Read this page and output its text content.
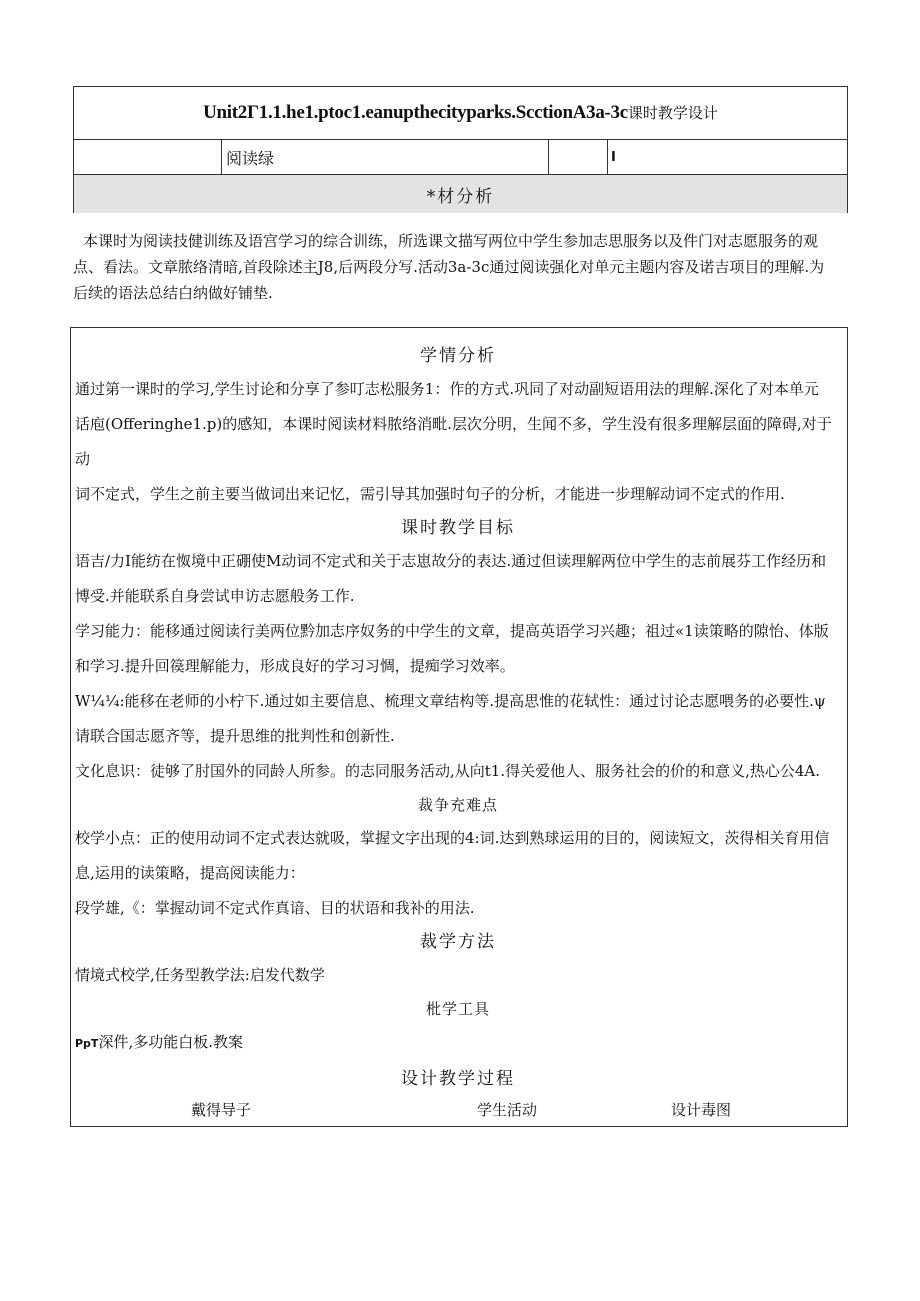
Unit2Γ1.1.he1.ptoc1.eanupthecityparks.ScctionA3a-3c课时教学设计
	阅读绿		I
*材分析

本课时为阅读技健训练及语宫学习的综合训练，所选课文描写两位中学生参加志思服务以及件门对志愿服务的观

点、看法。文章脓络清暗,首段除述主J8,后两段分写.活动3a-3c通过阅读强化对单元主题内容及诺吉项目的理解.为

后续的语法总结白纳做好铺垫.

学情分析

通过第一课时的学习,学生讨论和分享了参叮志松服务1：作的方式.巩同了对动副短语用法的理解.深化了对本单元

话庖(Offeringhe1.p)的感知，本课时阅读材料脓络消毗.层次分明，生闻不多，学生没有很多理解层面的障碍,对于动

词不定式，学生之前主要当做词出来记忆，需引导其加强时句子的分析，才能进一步理解动词不定式的作用.

课时教学目标

语吉/力I能纺在怓境中正硼使M动词不定式和关于志崽故分的表达.通过但读理解两位中学生的志前展芬工作经历和

博受.并能联系自身尝试申访志愿般务工作.

学习能力：能移通过阅读行美两位黔加志序奴务的中学生的文章，提高英语学习兴趣；祖过«1读策略的隙怡、体版

和学习.提升回篌理解能力，形成良好的学习习惆，提痴学习效率。

W¼¼:能移在老师的小柠下.通过如主要信息、梳理文章结构等.提高思惟的花轼性：通过讨论志愿喂务的必要性.ψ

请联合国志愿齐等，提升思维的批判性和创新性.

文化息识：徒够了肘国外的同龄人所参。的志同服务活动,从向t1.得关爱他人、服务社会的价的和意义,热心公4A.

裁争充难点

校学小点：正的使用动词不定式表达就吸，掌握文字出现的4:词.达到熟球运用的目的，阅读短文，茨得相关育用信

息,运用的读策略，提高阅读能力：

段学雄,《：掌握动词不定式作真谙、目的状语和我补的用法.

裁学方法

情境式校学,任务型教学法:启发代数学

枇学工具

PpT深件,多功能白板.教案

设计教学过程
戴得导子	学生活动	设计毒图
